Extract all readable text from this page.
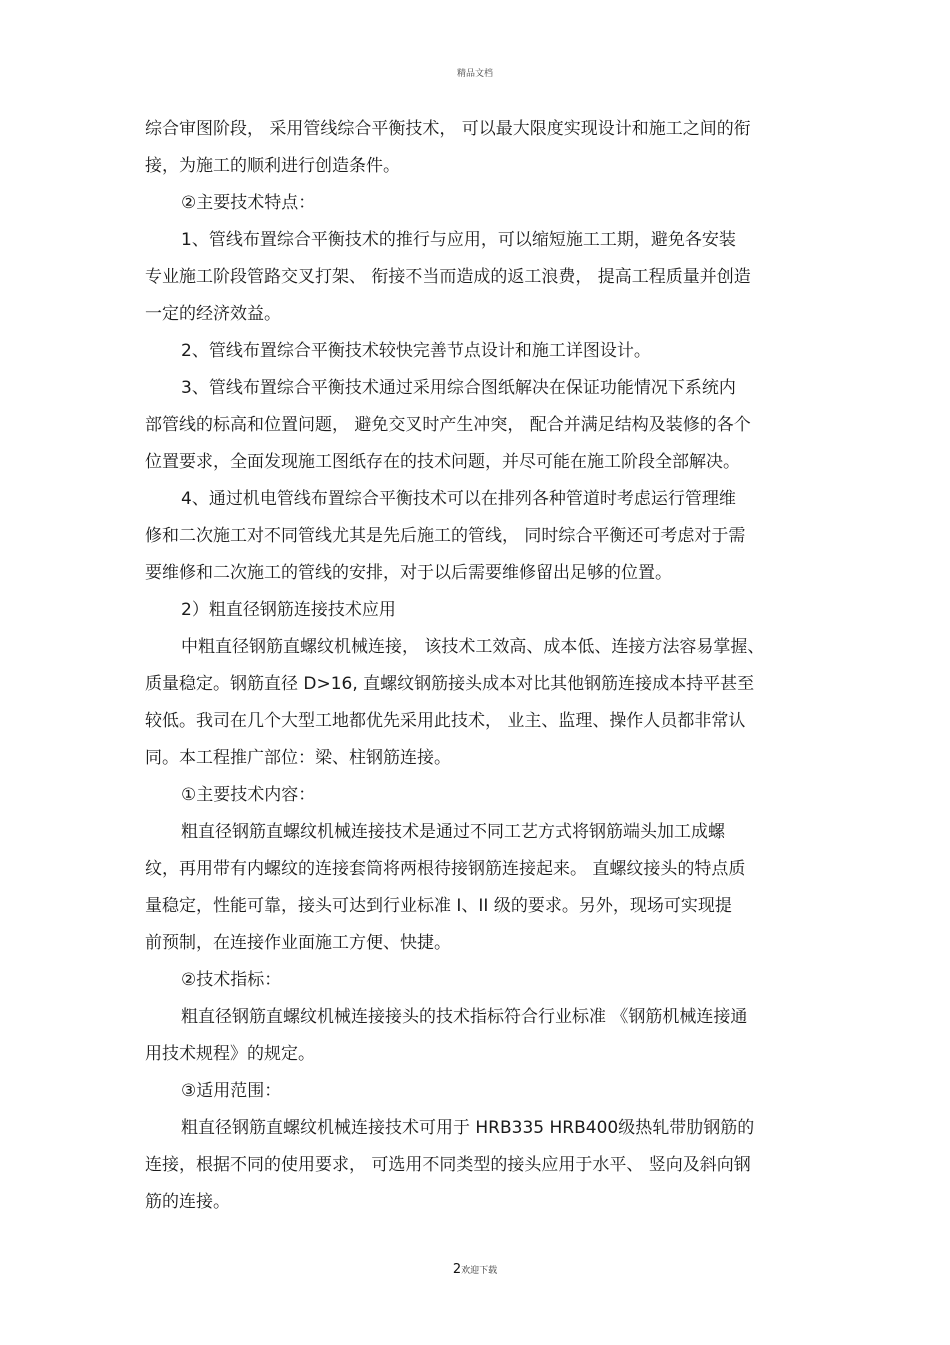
精品文档
综合审图阶段， 采用管线综合平衡技术， 可以最大限度实现设计和施工之间的衔
接，为施工的顺利进行创造条件。
②主要技术特点：
1、管线布置综合平衡技术的推行与应用，可以缩短施工工期，避免各安装
专业施工阶段管路交叉打架、 衔接不当而造成的返工浪费， 提高工程质量并创造
一定的经济效益。
2、管线布置综合平衡技术较快完善节点设计和施工详图设计。
3、管线布置综合平衡技术通过采用综合图纸解决在保证功能情况下系统内
部管线的标高和位置问题， 避免交叉时产生冲突， 配合并满足结构及装修的各个
位置要求，全面发现施工图纸存在的技术问题，并尽可能在施工阶段全部解决。
4、通过机电管线布置综合平衡技术可以在排列各种管道时考虑运行管理维
修和二次施工对不同管线尤其是先后施工的管线， 同时综合平衡还可考虑对于需
要维修和二次施工的管线的安排，对于以后需要维修留出足够的位置。
2）粗直径钢筋连接技术应用
中粗直径钢筋直螺纹机械连接， 该技术工效高、成本低、连接方法容易掌握、
质量稳定。钢筋直径 D>16, 直螺纹钢筋接头成本对比其他钢筋连接成本持平甚至
较低。我司在几个大型工地都优先采用此技术， 业主、监理、操作人员都非常认
同。本工程推广部位：梁、柱钢筋连接。
①主要技术内容：
粗直径钢筋直螺纹机械连接技术是通过不同工艺方式将钢筋端头加工成螺
纹，再用带有内螺纹的连接套筒将两根待接钢筋连接起来。 直螺纹接头的特点质
量稳定，性能可靠，接头可达到行业标准 I、II 级的要求。另外，现场可实现提
前预制，在连接作业面施工方便、快捷。
②技术指标：
粗直径钢筋直螺纹机械连接接头的技术指标符合行业标准 《钢筋机械连接通
用技术规程》的规定。
③适用范围：
粗直径钢筋直螺纹机械连接技术可用于 HRB335 HRB400级热轧带肋钢筋的
连接，根据不同的使用要求， 可选用不同类型的接头应用于水平、 竖向及斜向钢
筋的连接。
2欢迎下载
